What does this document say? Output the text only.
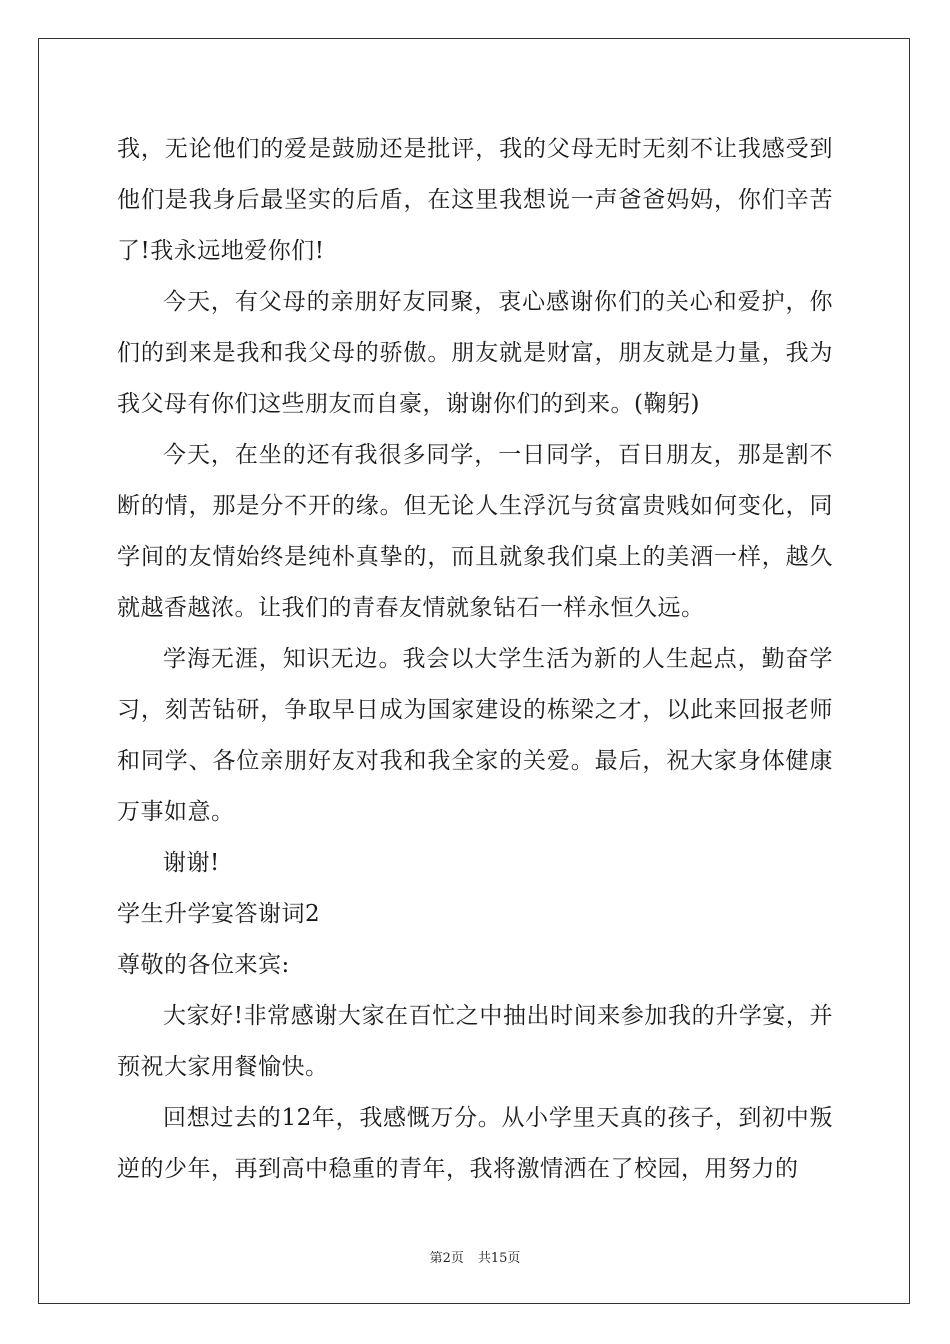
我，无论他们的爱是鼓励还是批评，我的父母无时无刻不让我感受到他们是我身后最坚实的后盾，在这里我想说一声爸爸妈妈，你们辛苦了!我永远地爱你们!

今天，有父母的亲朋好友同聚，衷心感谢你们的关心和爱护，你们的到来是我和我父母的骄傲。朋友就是财富，朋友就是力量，我为我父母有你们这些朋友而自豪，谢谢你们的到来。(鞠躬)

今天，在坐的还有我很多同学，一日同学，百日朋友，那是割不断的情，那是分不开的缘。但无论人生浮沉与贫富贵贱如何变化，同学间的友情始终是纯朴真挚的，而且就象我们桌上的美酒一样，越久就越香越浓。让我们的青春友情就象钻石一样永恒久远。

学海无涯，知识无边。我会以大学生活为新的人生起点，勤奋学习，刻苦钻研，争取早日成为国家建设的栋梁之才，以此来回报老师和同学、各位亲朋好友对我和我全家的关爱。最后，祝大家身体健康万事如意。

谢谢!

学生升学宴答谢词2

尊敬的各位来宾:

大家好!非常感谢大家在百忙之中抽出时间来参加我的升学宴，并预祝大家用餐愉快。

回想过去的12年，我感慨万分。从小学里天真的孩子，到初中叛逆的少年，再到高中稳重的青年，我将激情洒在了校园，用努力的

第2页 共15页
